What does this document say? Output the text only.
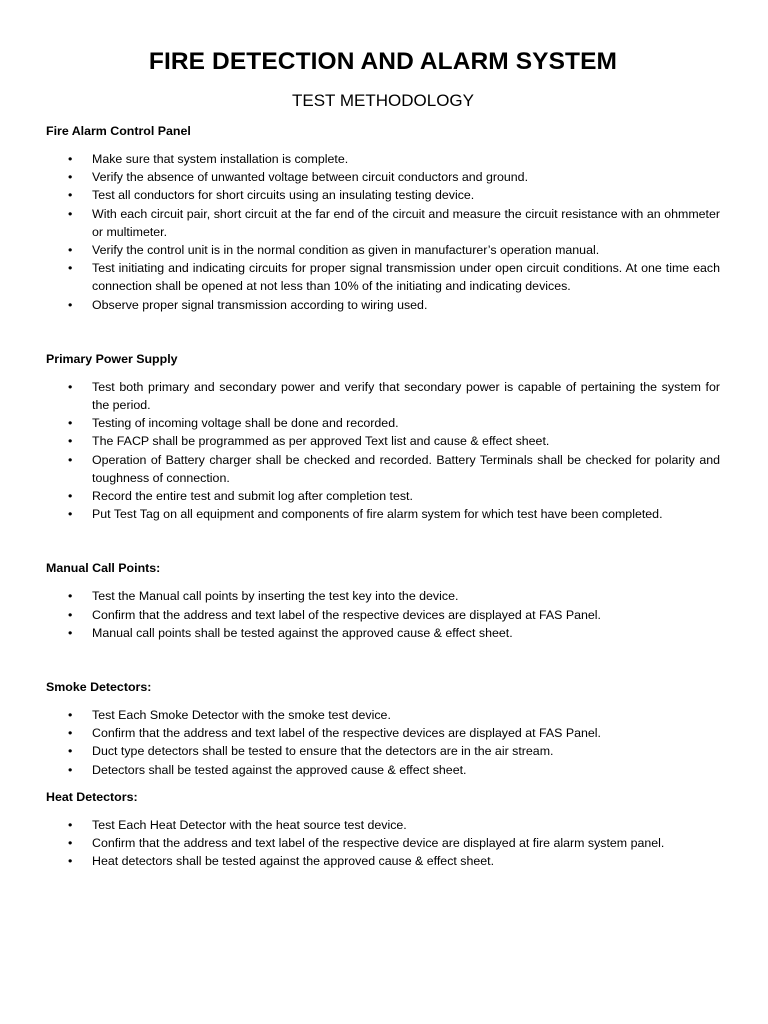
FIRE DETECTION AND ALARM SYSTEM
TEST METHODOLOGY
Fire Alarm Control Panel
• Make sure that system installation is complete.
• Verify the absence of unwanted voltage between circuit conductors and ground.
• Test all conductors for short circuits using an insulating testing device.
• With each circuit pair, short circuit at the far end of the circuit and measure the circuit resistance with an ohmmeter or multimeter.
• Verify the control unit is in the normal condition as given in manufacturer’s operation manual.
• Test initiating and indicating circuits for proper signal transmission under open circuit conditions. At one time each connection shall be opened at not less than 10% of the initiating and indicating devices.
• Observe proper signal transmission according to wiring used.
Primary Power Supply
• Test both primary and secondary power and verify that secondary power is capable of pertaining the system for the period.
• Testing of incoming voltage shall be done and recorded.
• The FACP shall be programmed as per approved Text list and cause & effect sheet.
• Operation of Battery charger shall be checked and recorded. Battery Terminals shall be checked for polarity and toughness of connection.
• Record the entire test and submit log after completion test.
• Put Test Tag on all equipment and components of fire alarm system for which test have been completed.
Manual Call Points:
• Test the Manual call points by inserting the test key into the device.
• Confirm that the address and text label of the respective devices are displayed at FAS Panel.
• Manual call points shall be tested against the approved cause & effect sheet.
Smoke Detectors:
• Test Each Smoke Detector with the smoke test device.
• Confirm that the address and text label of the respective devices are displayed at FAS Panel.
• Duct type detectors shall be tested to ensure that the detectors are in the air stream.
• Detectors shall be tested against the approved cause & effect sheet.
Heat Detectors:
• Test Each Heat Detector with the heat source test device.
• Confirm that the address and text label of the respective device are displayed at fire alarm system panel.
• Heat detectors shall be tested against the approved cause & effect sheet.
